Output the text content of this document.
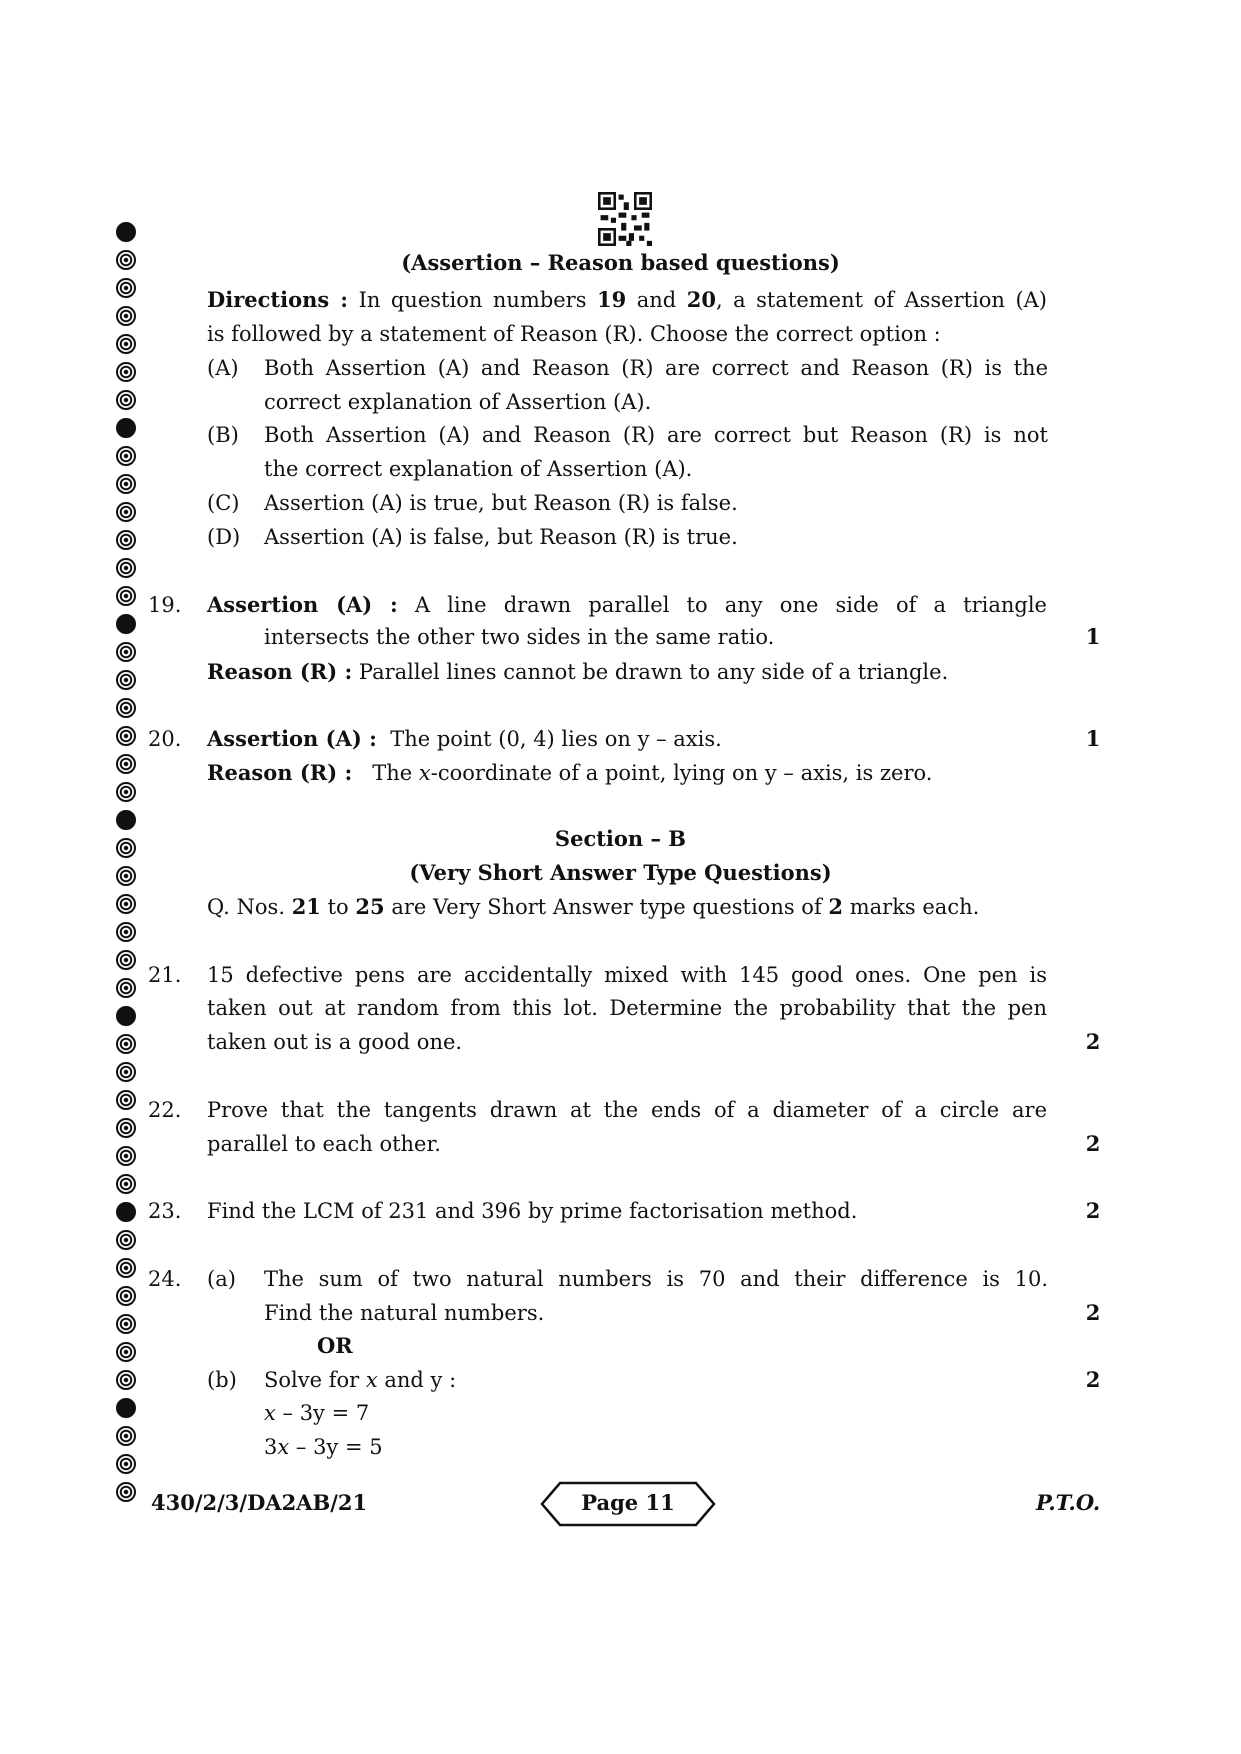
(Assertion – Reason based questions)
Directions : In question numbers 19 and 20, a statement of Assertion (A)
is followed by a statement of Reason (R). Choose the correct option :
(A) Both Assertion (A) and Reason (R) are correct and Reason (R) is the
correct explanation of Assertion (A).
(B) Both Assertion (A) and Reason (R) are correct but Reason (R) is not
the correct explanation of Assertion (A).
(C) Assertion (A) is true, but Reason (R) is false.
(D) Assertion (A) is false, but Reason (R) is true.
19. Assertion (A) : A line drawn parallel to any one side of a triangle
intersects the other two sides in the same ratio.	1
Reason (R) : Parallel lines cannot be drawn to any side of a triangle.
20. Assertion (A) : The point (0, 4) lies on y – axis.	1
Reason (R) : The x-coordinate of a point, lying on y – axis, is zero.
Section – B
(Very Short Answer Type Questions)
Q. Nos. 21 to 25 are Very Short Answer type questions of 2 marks each.
21. 15 defective pens are accidentally mixed with 145 good ones. One pen is
taken out at random from this lot. Determine the probability that the pen
taken out is a good one.	2
22. Prove that the tangents drawn at the ends of a diameter of a circle are
parallel to each other.	2
23. Find the LCM of 231 and 396 by prime factorisation method.	2
24. (a) The sum of two natural numbers is 70 and their difference is 10.
Find the natural numbers.	2
OR
(b) Solve for x and y :	2
x – 3y = 7
3x – 3y = 5
430/2/3/DA2AB/21	Page 11	P.T.O.
